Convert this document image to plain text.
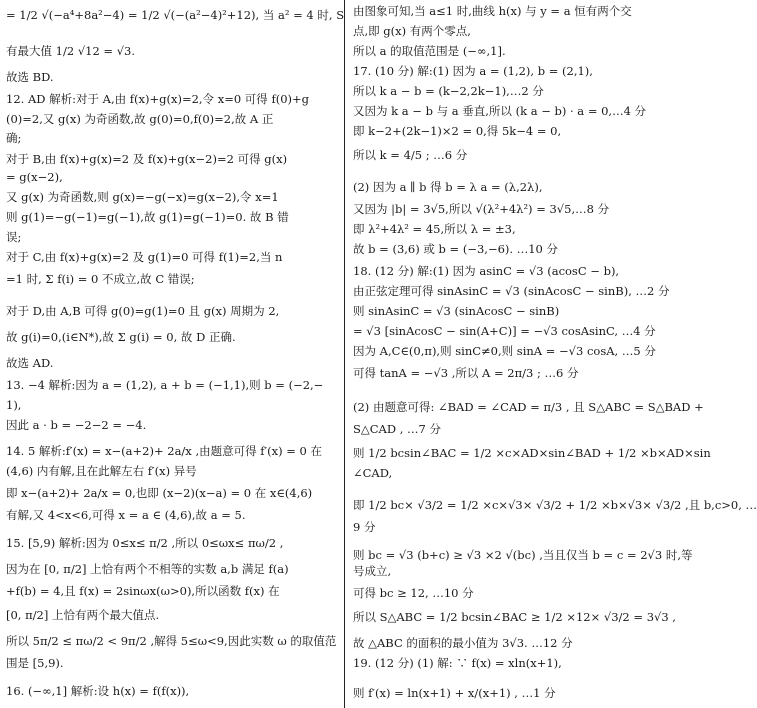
= 1/2 √(−a⁴+8a²−4) = 1/2 √(−(a²−4)²+12), 当 a² = 4 时, S
有最大值 1/2 √12 = √3.
故选 BD.
12. AD 解析:对于 A,由 f(x)+g(x)=2,令 x=0 可得 f(0)+g
(0)=2,又 g(x) 为奇函数,故 g(0)=0,f(0)=2,故 A 正
确;
对于 B,由 f(x)+g(x)=2 及 f(x)+g(x−2)=2 可得 g(x)
= g(x−2),
又 g(x) 为奇函数,则 g(x)=−g(−x)=g(x−2),令 x=1
则 g(1)=−g(−1)=g(−1),故 g(1)=g(−1)=0. 故 B 错
误;
对于 C,由 f(x)+g(x)=2 及 g(1)=0 可得 f(1)=2,当 n
=1 时, Σ f(i) = 0 不成立,故 C 错误;
对于 D,由 A,B 可得 g(0)=g(1)=0 且 g(x) 周期为 2,
故 g(i)=0,(i∈N*),故 Σ g(i) = 0, 故 D 正确.
故选 AD.
13. −4 解析:因为 a = (1,2), a + b = (−1,1),则 b = (−2,−
1),
因此 a · b = −2−2 = −4.
14. 5 解析:f′(x) = x−(a+2)+ 2a/x ,由题意可得 f′(x) = 0 在
(4,6) 内有解,且在此解左右 f′(x) 异号
即 x−(a+2)+ 2a/x = 0,也即 (x−2)(x−a) = 0 在 x∈(4,6)
有解,又 4<x<6,可得 x = a ∈ (4,6),故 a = 5.
15. [5,9) 解析:因为 0≤x≤ π/2 ,所以 0≤ωx≤ πω/2 ,
因为在 [0, π/2] 上恰有两个不相等的实数 a,b 满足 f(a)
+f(b) = 4,且 f(x) = 2sinωx(ω>0),所以函数 f(x) 在
[0, π/2] 上恰有两个最大值点.
所以 5π/2 ≤ πω/2 < 9π/2 ,解得 5≤ω<9,因此实数 ω 的取值范
围是 [5,9).
16. (−∞,1] 解析:设 h(x) = f(f(x)),
由图象可知,当 a≤1 时,曲线 h(x) 与 y = a 恒有两个交
点,即 g(x) 有两个零点,
所以 a 的取值范围是 (−∞,1].
17. (10 分) 解:(1) 因为 a = (1,2), b = (2,1),
所以 k a − b = (k−2,2k−1),…2 分
又因为 k a − b 与 a 垂直,所以 (k a − b) · a = 0,…4 分
即 k−2+(2k−1)×2 = 0,得 5k−4 = 0,
所以 k = 4/5 ; …6 分
(2) 因为 a ∥ b 得 b = λ a = (λ,2λ),
又因为 |b| = 3√5,所以 √(λ²+4λ²) = 3√5,…8 分
即 λ²+4λ² = 45,所以 λ = ±3,
故 b = (3,6) 或 b = (−3,−6). …10 分
18. (12 分) 解:(1) 因为 asinC = √3 (acosC − b),
由正弦定理可得 sinAsinC = √3 (sinAcosC − sinB), …2 分
则 sinAsinC = √3 (sinAcosC − sinB)
= √3 [sinAcosC − sin(A+C)] = −√3 cosAsinC, …4 分
因为 A,C∈(0,π),则 sinC≠0,则 sinA = −√3 cosA, …5 分
可得 tanA = −√3 ,所以 A = 2π/3 ; …6 分
(2) 由题意可得: ∠BAD = ∠CAD = π/3 , 且 S△ABC = S△BAD +
S△CAD , …7 分
则 1/2 bcsin∠BAC = 1/2 ×c×AD×sin∠BAD + 1/2 ×b×AD×sin
∠CAD,
即 1/2 bc× √3/2 = 1/2 ×c×√3× √3/2 + 1/2 ×b×√3× √3/2 ,且 b,c>0, …
9 分
则 bc = √3 (b+c) ≥ √3 ×2 √(bc) ,当且仅当 b = c = 2√3 时,等
号成立,
可得 bc ≥ 12, …10 分
所以 S△ABC = 1/2 bcsin∠BAC ≥ 1/2 ×12× √3/2 = 3√3 ,
故 △ABC 的面积的最小值为 3√3. …12 分
19. (12 分) (1) 解: ∵ f(x) = xln(x+1),
则 f′(x) = ln(x+1) + x/(x+1) , …1 分
